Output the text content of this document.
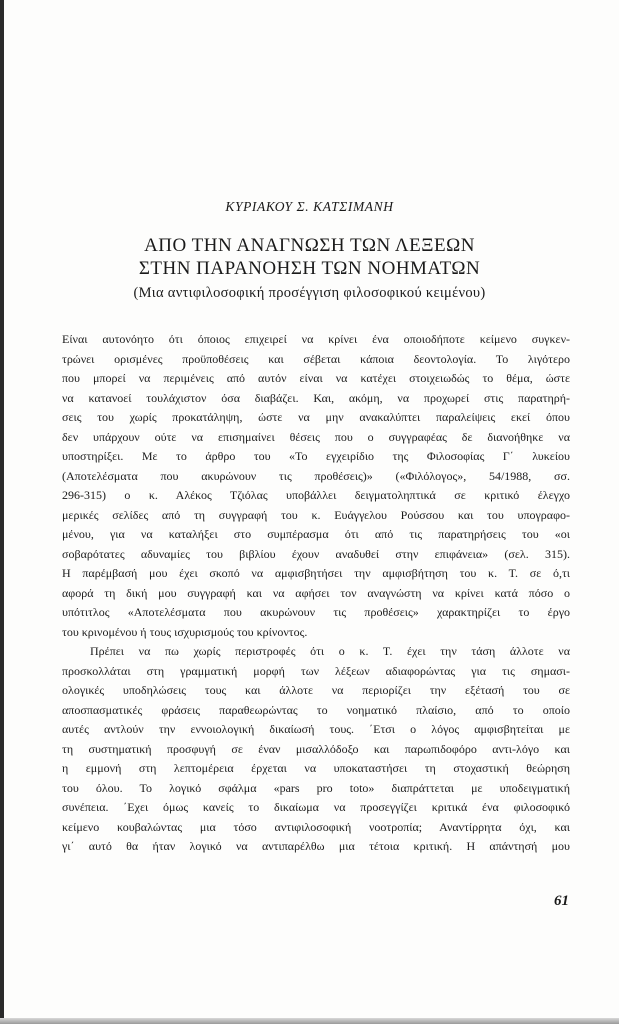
ΚΥΡΙΑΚΟΥ Σ. ΚΑΤΣΙΜΑΝΗ
ΑΠΟ ΤΗΝ ΑΝΑΓΝΩΣΗ ΤΩΝ ΛΕΞΕΩΝ
ΣΤΗΝ ΠΑΡΑΝΟΗΣΗ ΤΩΝ ΝΟΗΜΑΤΩΝ
(Μια αντιφιλοσοφική προσέγγιση φιλοσοφικού κειμένου)
Είναι αυτονόητο ότι όποιος επιχειρεί να κρίνει ένα οποιοδήποτε κείμενο συγκεν-
τρώνει ορισμένες προϋποθέσεις και σέβεται κάποια δεοντολογία. Το λιγότερο
που μπορεί να περιμένεις από αυτόν είναι να κατέχει στοιχειωδώς το θέμα, ώστε
να κατανοεί τουλάχιστον όσα διαβάζει. Και, ακόμη, να προχωρεί στις παρατηρή-
σεις του χωρίς προκατάληψη, ώστε να μην ανακαλύπτει παραλείψεις εκεί όπου
δεν υπάρχουν ούτε να επισημαίνει θέσεις που ο συγγραφέας δε διανοήθηκε να
υποστηρίξει. Με το άρθρο του «Το εγχειρίδιο της Φιλοσοφίας Γ΄ λυκείου
(Αποτελέσματα που ακυρώνουν τις προθέσεις)» («Φιλόλογος», 54/1988, σσ.
296-315) ο κ. Αλέκος Τζιόλας υποβάλλει δειγματοληπτικά σε κριτικό έλεγχο
μερικές σελίδες από τη συγγραφή του κ. Ευάγγελου Ρούσσου και του υπογραφο-
μένου, για να καταλήξει στο συμπέρασμα ότι από τις παρατηρήσεις του «οι
σοβαρότατες αδυναμίες του βιβλίου έχουν αναδυθεί στην επιφάνεια» (σελ. 315).
Η παρέμβασή μου έχει σκοπό να αμφισβητήσει την αμφισβήτηση του κ. Τ. σε ό,τι
αφορά τη δική μου συγγραφή και να αφήσει τον αναγνώστη να κρίνει κατά πόσο ο
υπότιτλος «Αποτελέσματα που ακυρώνουν τις προθέσεις» χαρακτηρίζει το έργο
του κρινομένου ή τους ισχυρισμούς του κρίνοντος.
Πρέπει να πω χωρίς περιστροφές ότι ο κ. Τ. έχει την τάση άλλοτε να
προσκολλάται στη γραμματική μορφή των λέξεων αδιαφορώντας για τις σημασι-
ολογικές υποδηλώσεις τους και άλλοτε να περιορίζει την εξέτασή του σε
αποσπασματικές φράσεις παραθεωρώντας το νοηματικό πλαίσιο, από το οποίο
αυτές αντλούν την εννοιολογική δικαίωσή τους. ΄Ετσι ο λόγος αμφισβητείται με
τη συστηματική προσφυγή σε έναν μισαλλόδοξο και παρωπιδοφόρο αντι-λόγο και
η εμμονή στη λεπτομέρεια έρχεται να υποκαταστήσει τη στοχαστική θεώρηση
του όλου. Το λογικό σφάλμα «pars pro toto» διαπράττεται με υποδειγματική
συνέπεια. ΄Εχει όμως κανείς το δικαίωμα να προσεγγίζει κριτικά ένα φιλοσοφικό
κείμενο κουβαλώντας μια τόσο αντιφιλοσοφική νοοτροπία; Αναντίρρητα όχι, και
γι΄ αυτό θα ήταν λογικό να αντιπαρέλθω μια τέτοια κριτική. Η απάντησή μου
61
